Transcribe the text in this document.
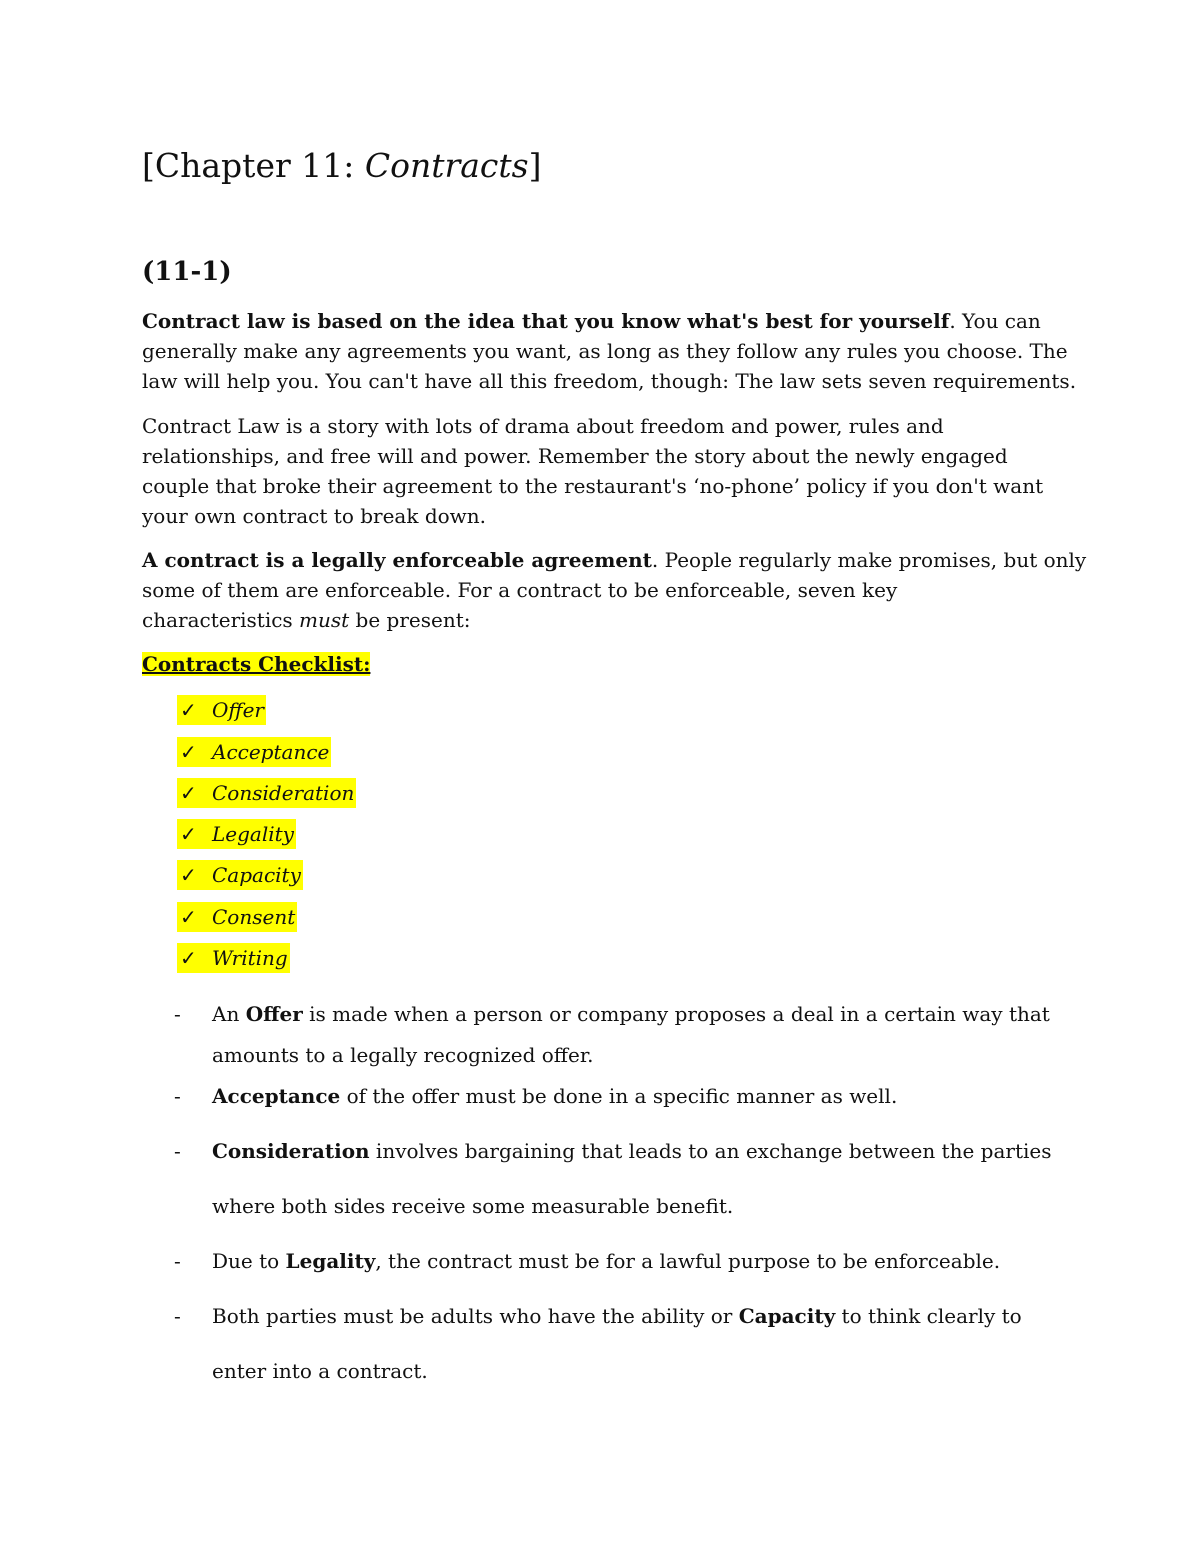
[Chapter 11: Contracts]
(11-1)

Contract law is based on the idea that you know what's best for yourself. You can
generally make any agreements you want, as long as they follow any rules you choose. The
law will help you. You can't have all this freedom, though: The law sets seven requirements.

Contract Law is a story with lots of drama about freedom and power, rules and
relationships, and free will and power. Remember the story about the newly engaged
couple that broke their agreement to the restaurant's ‘no-phone’ policy if you don't want
your own contract to break down.

A contract is a legally enforceable agreement. People regularly make promises, but only
some of them are enforceable. For a contract to be enforceable, seven key
characteristics must be present:

Contracts Checklist:

✓ Offer
✓ Acceptance
✓ Consideration
✓ Legality
✓ Capacity
✓ Consent
✓ Writing
- An Offer is made when a person or company proposes a deal in a certain way that
amounts to a legally recognized offer.
- Acceptance of the offer must be done in a specific manner as well.
- Consideration involves bargaining that leads to an exchange between the parties
where both sides receive some measurable benefit.
- Due to Legality, the contract must be for a lawful purpose to be enforceable.
- Both parties must be adults who have the ability or Capacity to think clearly to
enter into a contract.
